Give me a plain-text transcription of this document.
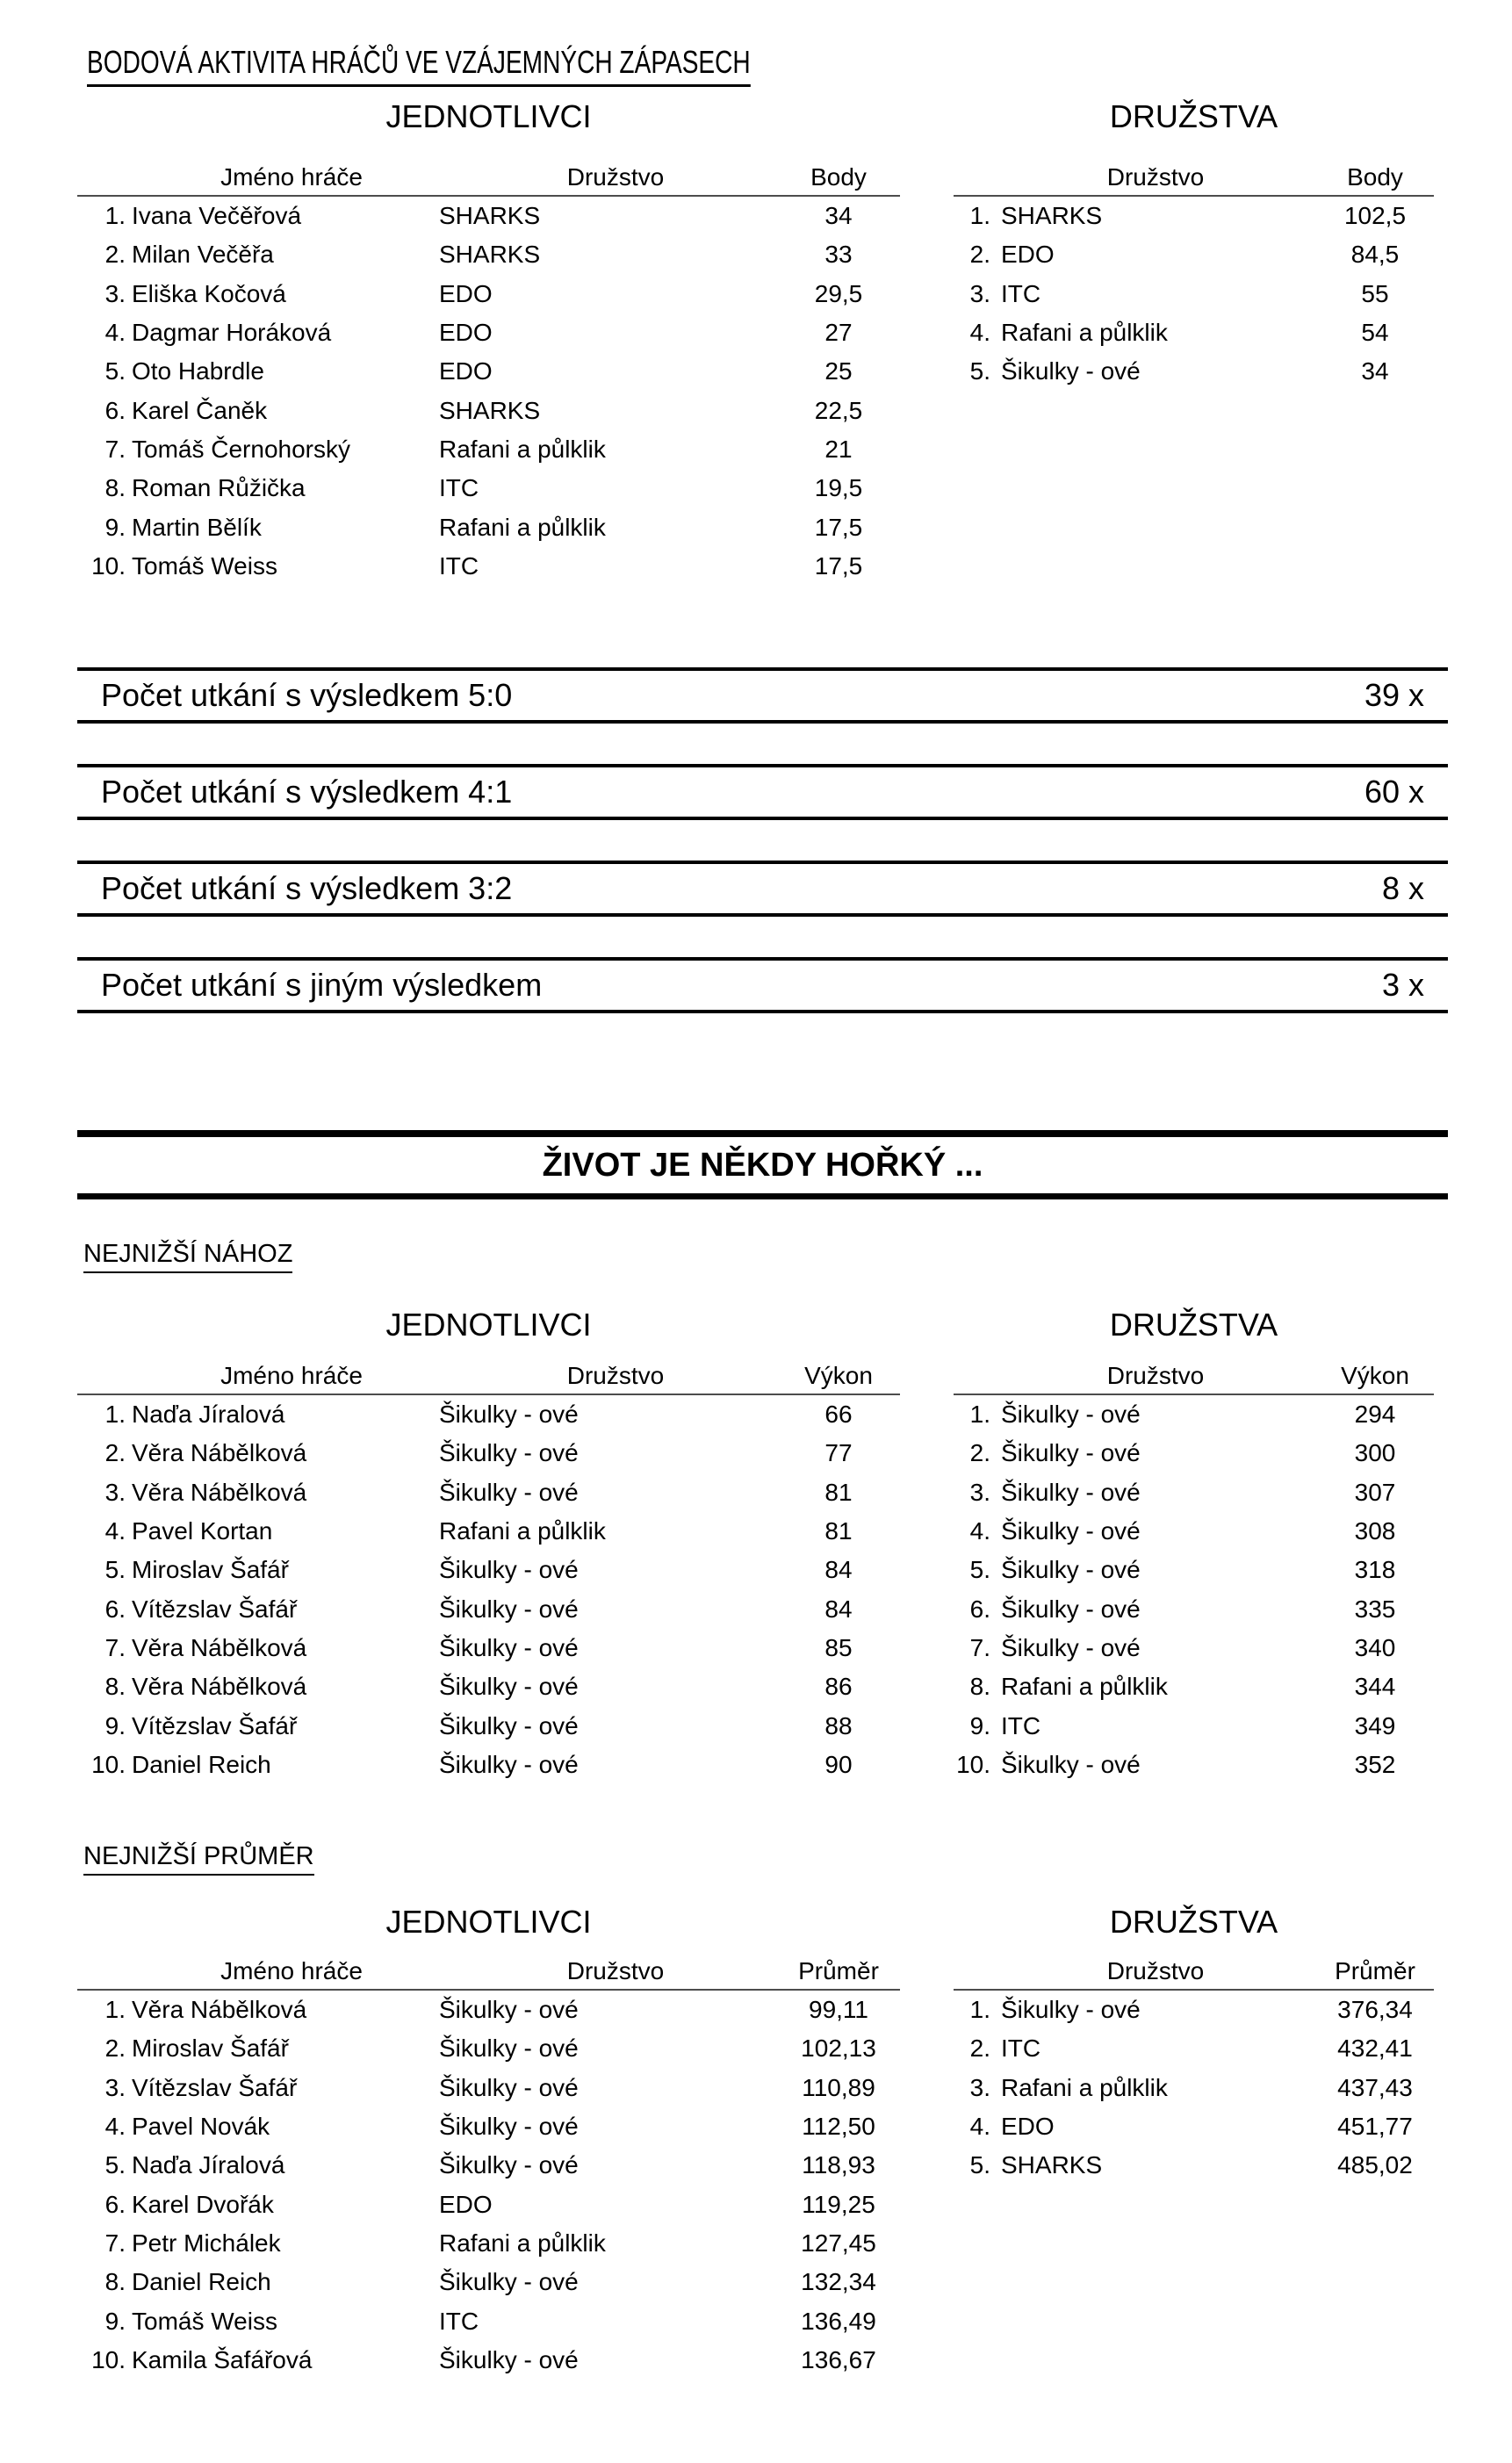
BODOVÁ AKTIVITA HRÁČŮ VE VZÁJEMNÝCH ZÁPASECH
JEDNOTLIVCI	DRUŽSTVA
Jméno hráče	Družstvo	Body
1. Ivana Večěřová	SHARKS	34
2. Milan Večěřa	SHARKS	33
3. Eliška Kočová	EDO	29,5
4. Dagmar Horáková	EDO	27
5. Oto Habrdle	EDO	25
6. Karel Čaněk	SHARKS	22,5
7. Tomáš Černohorský	Rafani a půlklik	21
8. Roman Růžička	ITC	19,5
9. Martin Bělík	Rafani a půlklik	17,5
10. Tomáš Weiss	ITC	17,5
Družstvo	Body
1. SHARKS	102,5
2. EDO	84,5
3. ITC	55
4. Rafani a půlklik	54
5. Šikulky - ové	34
Počet utkání s výsledkem 5:0	39 x
Počet utkání s výsledkem 4:1	60 x
Počet utkání s výsledkem 3:2	8 x
Počet utkání s jiným výsledkem	3 x
ŽIVOT JE NĚKDY HOŘKÝ ...
NEJNIŽŠÍ NÁHOZ
JEDNOTLIVCI	DRUŽSTVA
Jméno hráče	Družstvo	Výkon
1. Naďa Jíralová	Šikulky - ové	66
2. Věra Nábělková	Šikulky - ové	77
3. Věra Nábělková	Šikulky - ové	81
4. Pavel Kortan	Rafani a půlklik	81
5. Miroslav Šafář	Šikulky - ové	84
6. Vítězslav Šafář	Šikulky - ové	84
7. Věra Nábělková	Šikulky - ové	85
8. Věra Nábělková	Šikulky - ové	86
9. Vítězslav Šafář	Šikulky - ové	88
10. Daniel Reich	Šikulky - ové	90
Družstvo	Výkon
1. Šikulky - ové	294
2. Šikulky - ové	300
3. Šikulky - ové	307
4. Šikulky - ové	308
5. Šikulky - ové	318
6. Šikulky - ové	335
7. Šikulky - ové	340
8. Rafani a půlklik	344
9. ITC	349
10. Šikulky - ové	352
NEJNIŽŠÍ PRŮMĚR
JEDNOTLIVCI	DRUŽSTVA
Jméno hráče	Družstvo	Průměr
1. Věra Nábělková	Šikulky - ové	99,11
2. Miroslav Šafář	Šikulky - ové	102,13
3. Vítězslav Šafář	Šikulky - ové	110,89
4. Pavel Novák	Šikulky - ové	112,50
5. Naďa Jíralová	Šikulky - ové	118,93
6. Karel Dvořák	EDO	119,25
7. Petr Michálek	Rafani a půlklik	127,45
8. Daniel Reich	Šikulky - ové	132,34
9. Tomáš Weiss	ITC	136,49
10. Kamila Šafářová	Šikulky - ové	136,67
Družstvo	Průměr
1. Šikulky - ové	376,34
2. ITC	432,41
3. Rafani a půlklik	437,43
4. EDO	451,77
5. SHARKS	485,02
